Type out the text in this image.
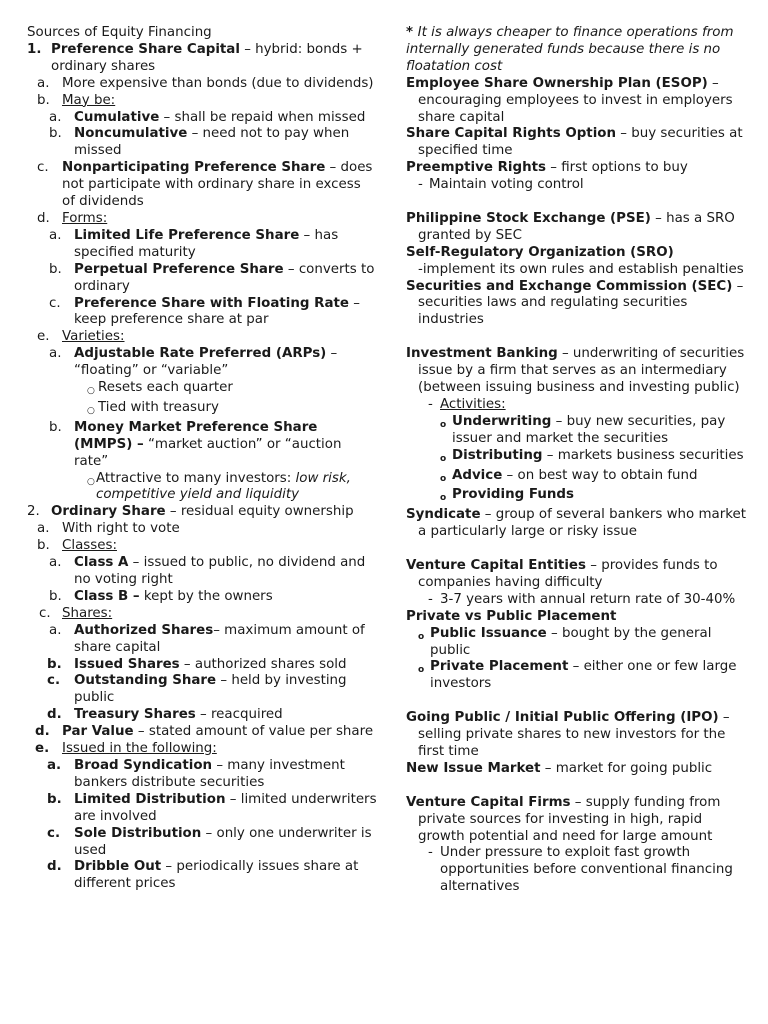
Sources of Equity Financing
1. Preference Share Capital – hybrid: bonds + ordinary shares
a. More expensive than bonds (due to dividends)
b. May be:
a. Cumulative – shall be repaid when missed
b. Noncumulative – need not to pay when missed
c. Nonparticipating Preference Share – does not participate with ordinary share in excess of dividends
d. Forms:
a. Limited Life Preference Share – has specified maturity
b. Perpetual Preference Share – converts to ordinary
c. Preference Share with Floating Rate – keep preference share at par
e. Varieties:
a. Adjustable Rate Preferred (ARPs) – “floating” or “variable”
○ Resets each quarter
○ Tied with treasury
b. Money Market Preference Share (MMPS) – “market auction” or “auction rate”
○ Attractive to many investors: low risk, competitive yield and liquidity
2. Ordinary Share – residual equity ownership
a. With right to vote
b. Classes:
a. Class A – issued to public, no dividend and no voting right
b. Class B – kept by the owners
c. Shares:
a. Authorized Shares– maximum amount of share capital
b. Issued Shares – authorized shares sold
c.	Outstanding Share – held by investing public
d. Treasury Shares – reacquired
d. Par Value – stated amount of value per share
e. Issued in the following:
a. Broad Syndication – many investment bankers distribute securities
b. Limited Distribution – limited underwriters are involved
c.	Sole Distribution – only one underwriter is used
d. Dribble Out – periodically issues share at different prices
* It is always cheaper to finance operations from internally generated funds because there is no floatation cost
Employee Share Ownership Plan (ESOP) – encouraging employees to invest in employers share capital
Share Capital Rights Option – buy securities at specified time
Preemptive Rights – first options to buy
- Maintain voting control
Philippine Stock Exchange (PSE) – has a SRO granted by SEC
Self-Regulatory Organization (SRO)
-implement its own rules and establish penalties
Securities and Exchange Commission (SEC) – securities laws and regulating securities industries
Investment Banking – underwriting of securities issue by a firm that serves as an intermediary (between issuing business and investing public)
- Activities:
o Underwriting – buy new securities, pay issuer and market the securities
o Distributing – markets business securities
o Advice – on best way to obtain fund
o Providing Funds
Syndicate – group of several bankers who market a particularly large or risky issue
Venture Capital Entities – provides funds to companies having difficulty
- 3-7 years with annual return rate of 30-40%
Private vs Public Placement
o Public Issuance – bought by the general public
o Private Placement – either one or few large investors
Going Public / Initial Public Offering (IPO) – selling private shares to new investors for the first time
New Issue Market – market for going public
Venture Capital Firms – supply funding from private sources for investing in high, rapid growth potential and need for large amount
- Under pressure to exploit fast growth opportunities before conventional financing alternatives
